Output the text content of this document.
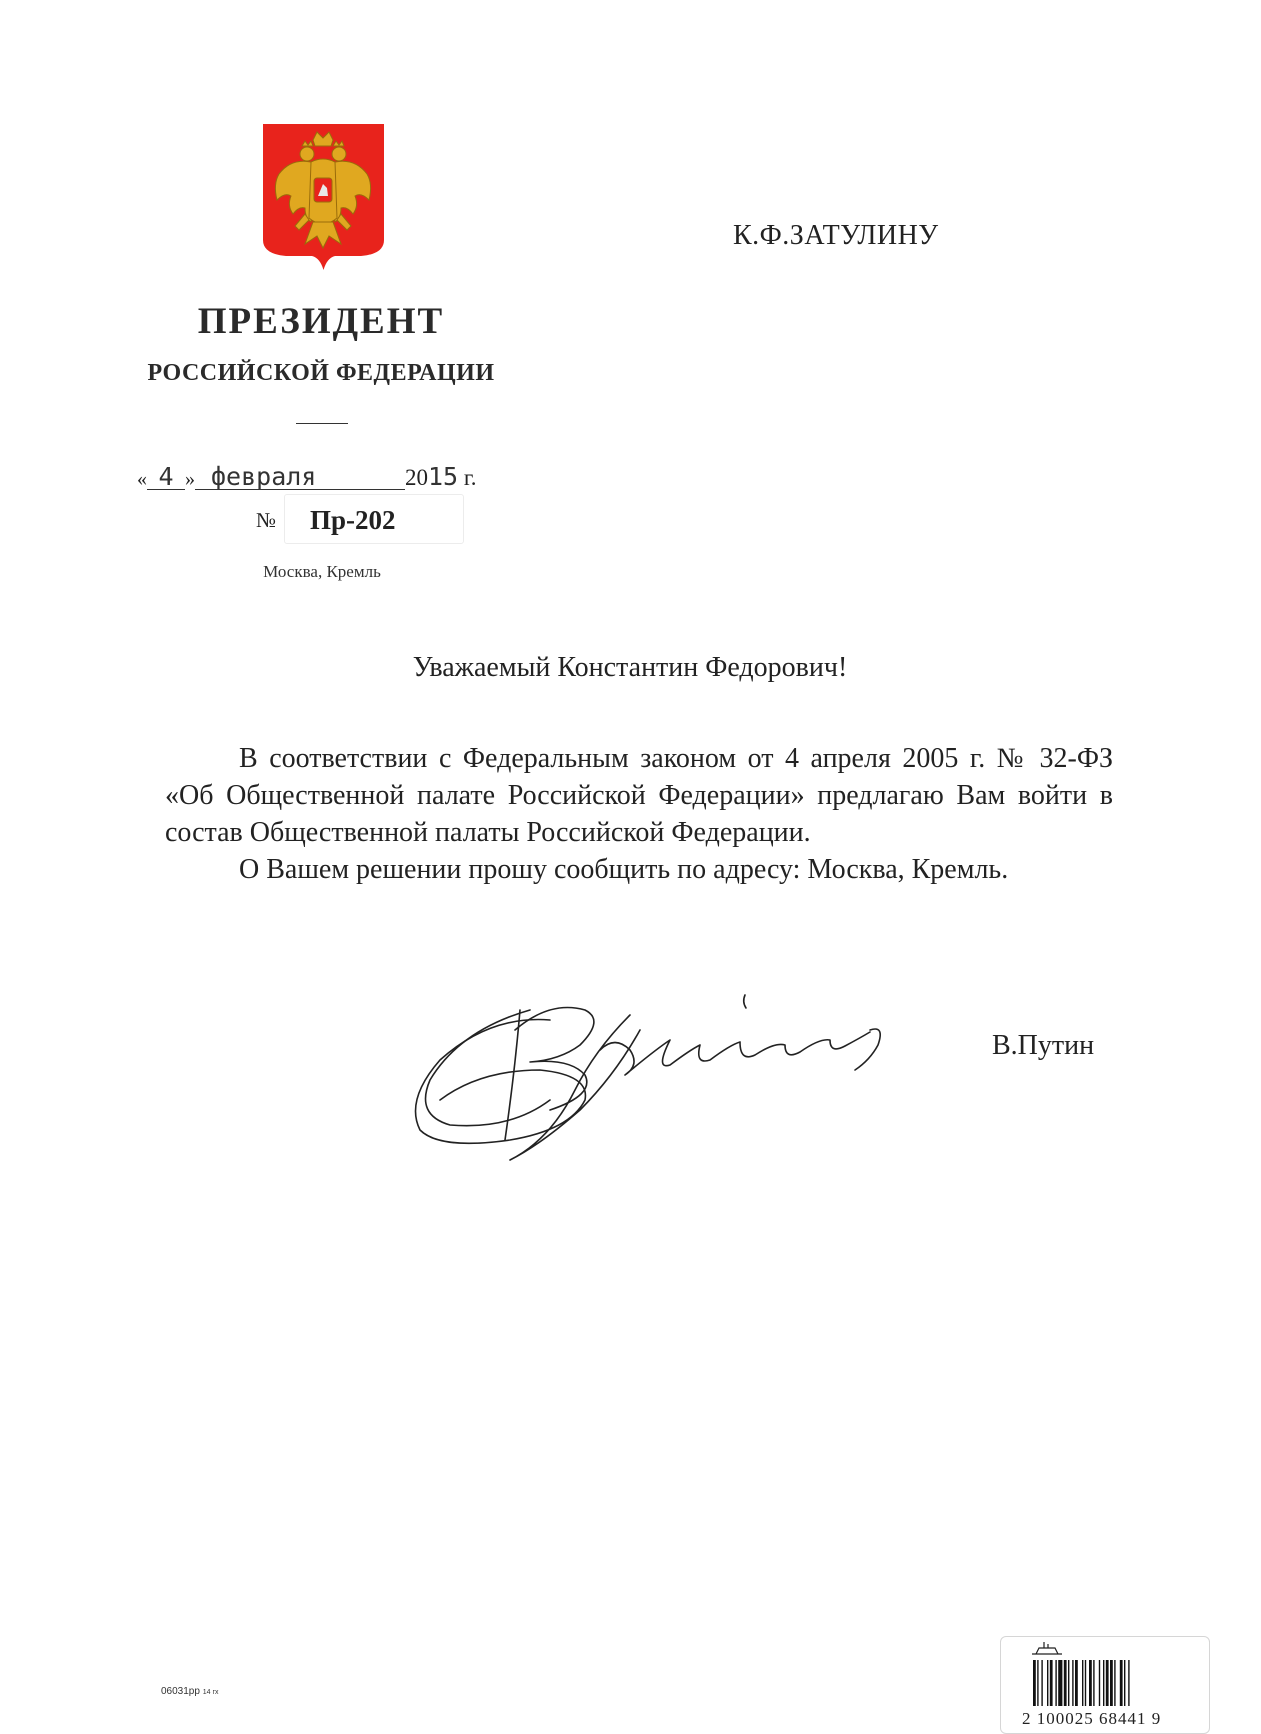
ПРЕЗИДЕНТ
РОССИЙСКОЙ ФЕДЕРАЦИИ
« 4 » февраля	2015 г.
№ Пр-202
Москва, Кремль
К.Ф.ЗАТУЛИНУ
Уважаемый Константин Федорович!

В соответствии с Федеральным законом от 4 апреля 2005 г. № 32-ФЗ «Об Общественной палате Российской Федерации» предлагаю Вам войти в состав Общественной палаты Российской Федерации.

О Вашем решении прошу сообщить по адресу: Москва, Кремль.

В.Путин
06031рр 14 гх
2 100025 68441 9
